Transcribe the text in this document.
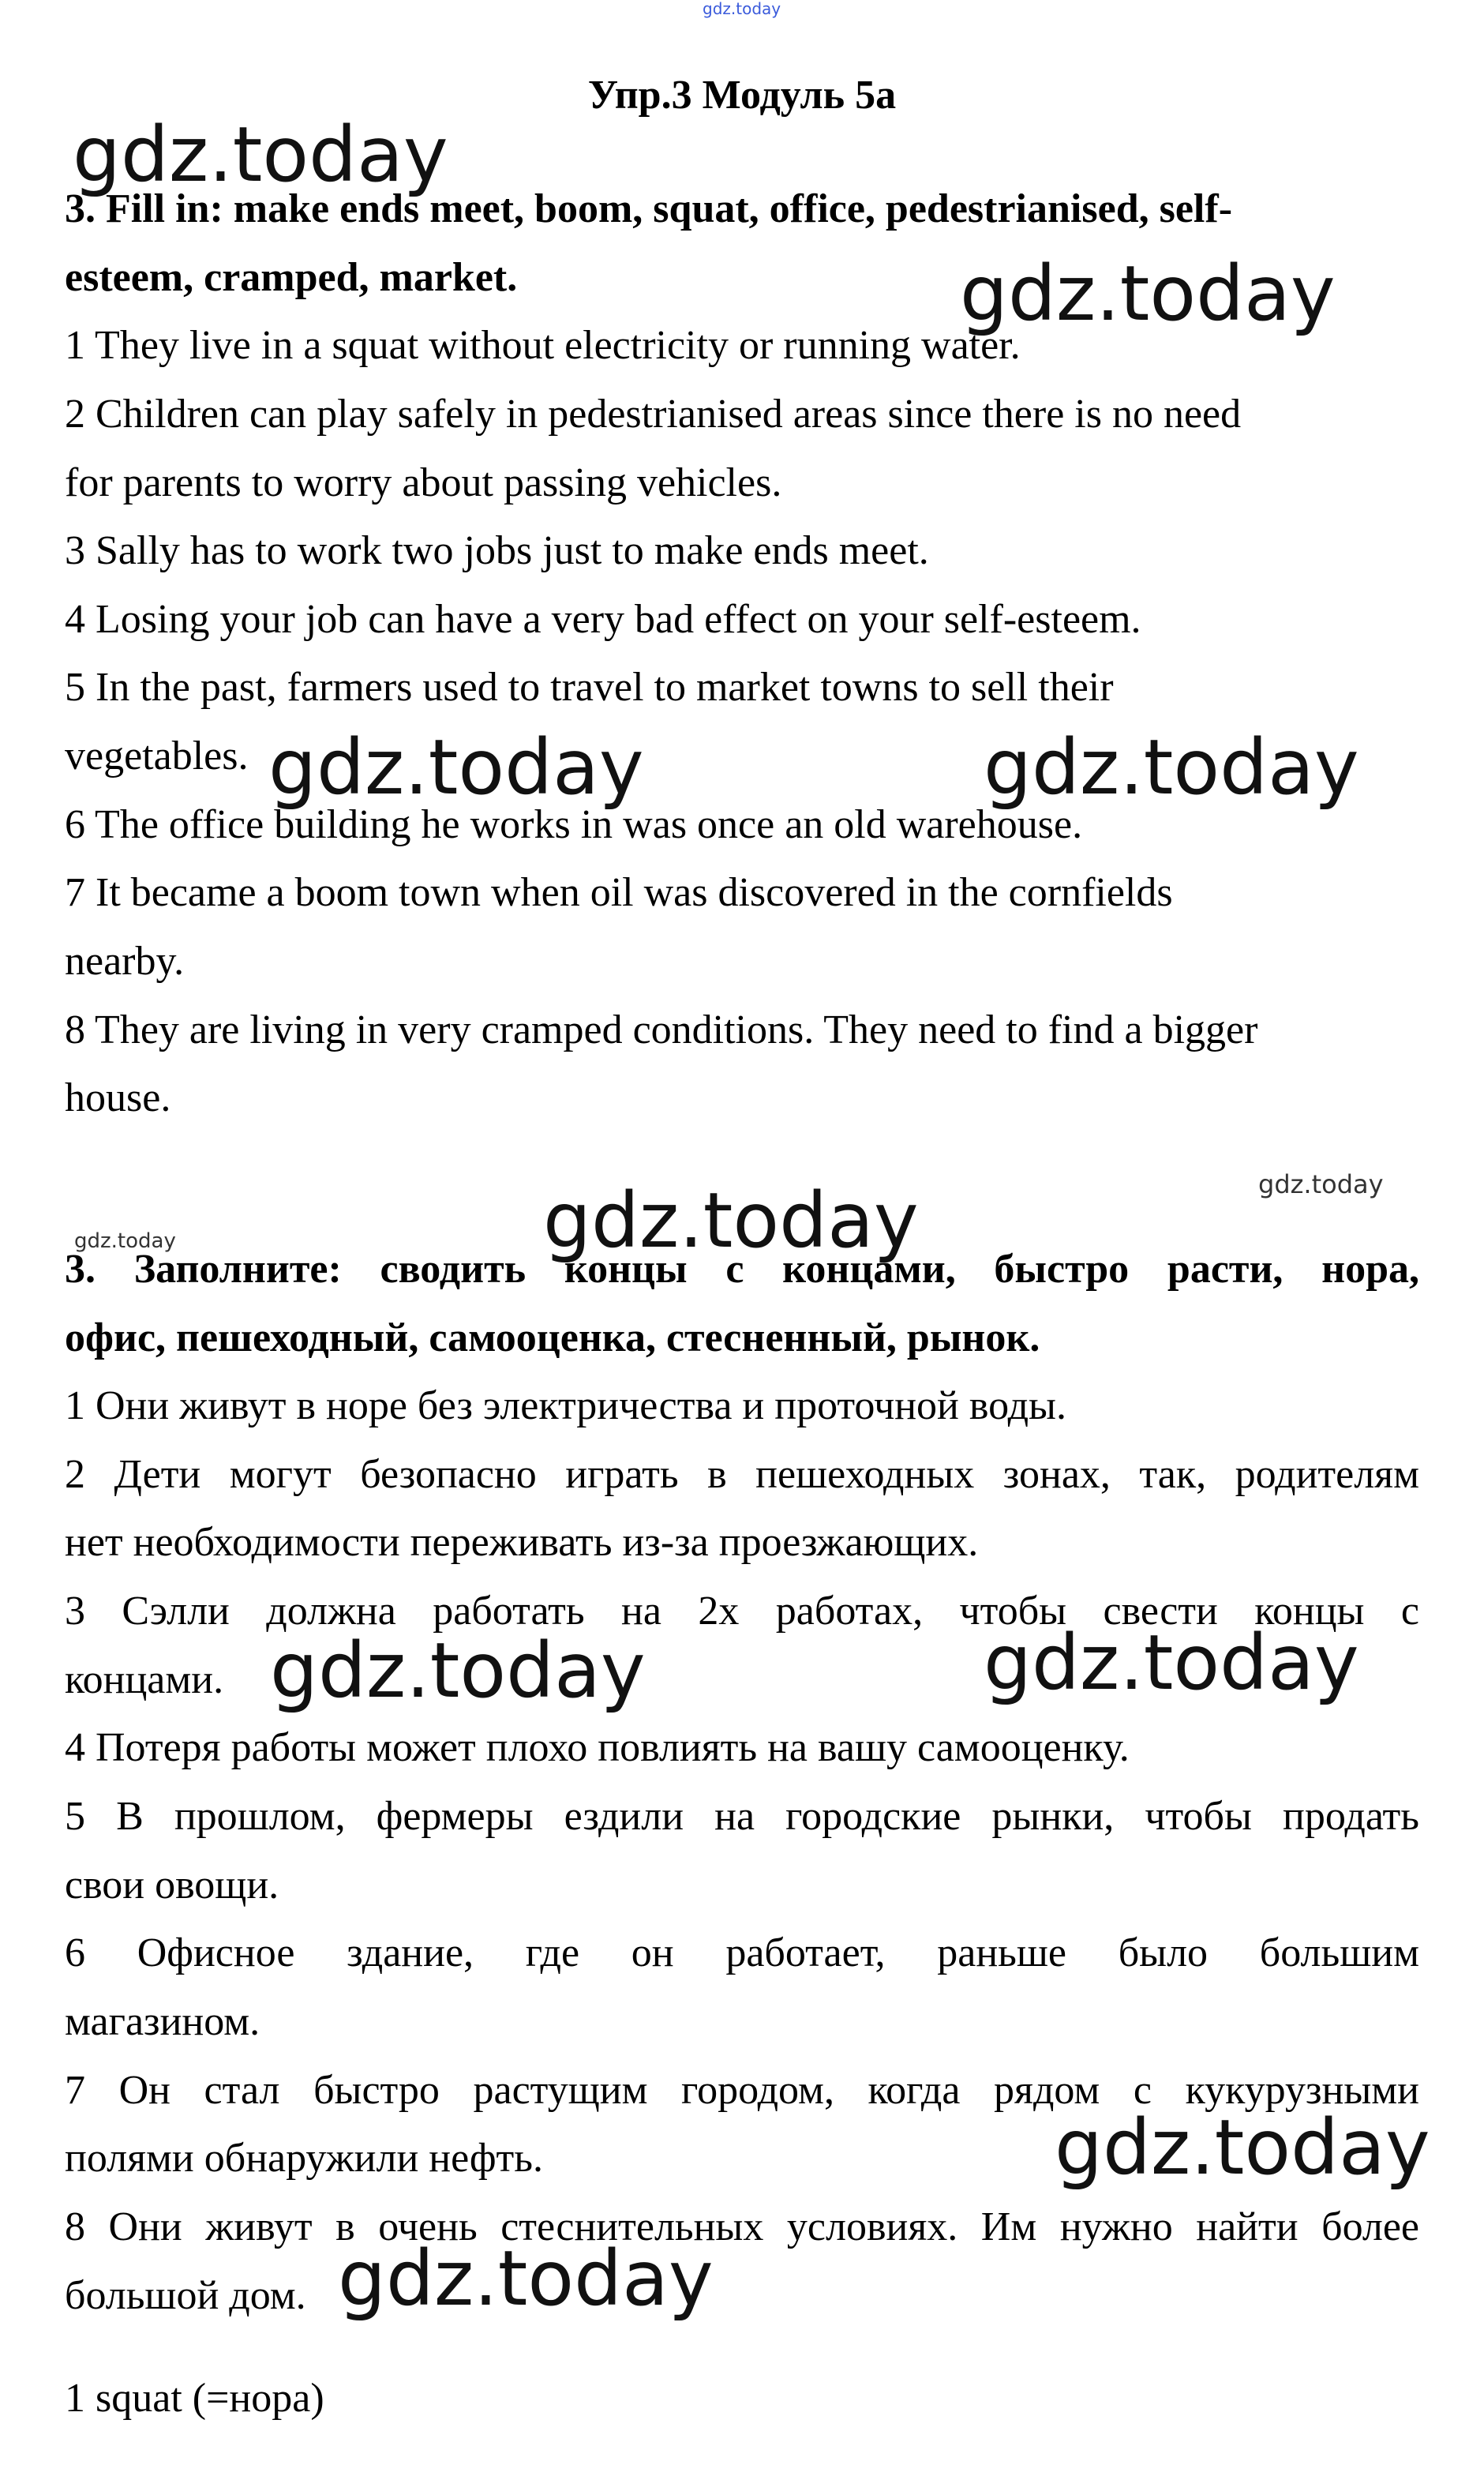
gdz.today
Упр.3 Модуль 5a
3. Fill in: make ends meet, boom, squat, office, pedestrianised, self-
esteem, cramped, market.
1 They live in a squat without electricity or running water.
2 Children can play safely in pedestrianised areas since there is no need
for parents to worry about passing vehicles.
3 Sally has to work two jobs just to make ends meet.
4 Losing your job can have a very bad effect on your self-esteem.
5 In the past, farmers used to travel to market towns to sell their
vegetables.
6 The office building he works in was once an old warehouse.
7 It became a boom town when oil was discovered in the cornfields
nearby.
8 They are living in very cramped conditions. They need to find a bigger
house.
3. Заполните: сводить концы с концами, быстро расти, нора,
офис, пешеходный, самооценка, стесненный, рынок.
1 Они живут в норе без электричества и проточной воды.
2 Дети могут безопасно играть в пешеходных зонах, так, родителям
нет необходимости переживать из-за проезжающих.
3 Сэлли должна работать на 2х работах, чтобы свести концы с
концами.
4 Потеря работы может плохо повлиять на вашу самооценку.
5 В прошлом, фермеры ездили на городские рынки, чтобы продать
свои овощи.
6 Офисное здание, где он работает, раньше было большим
магазином.
7 Он стал быстро растущим городом, когда рядом с кукурузными
полями обнаружили нефть.
8 Они живут в очень стеснительных условиях. Им нужно найти более
большой дом.
1 squat (=нора)
gdz.today
gdz.today
gdz.today	gdz.today
gdz.today
gdz.today	gdz.today
gdz.today	gdz.today
gdz.today
gdz.today
